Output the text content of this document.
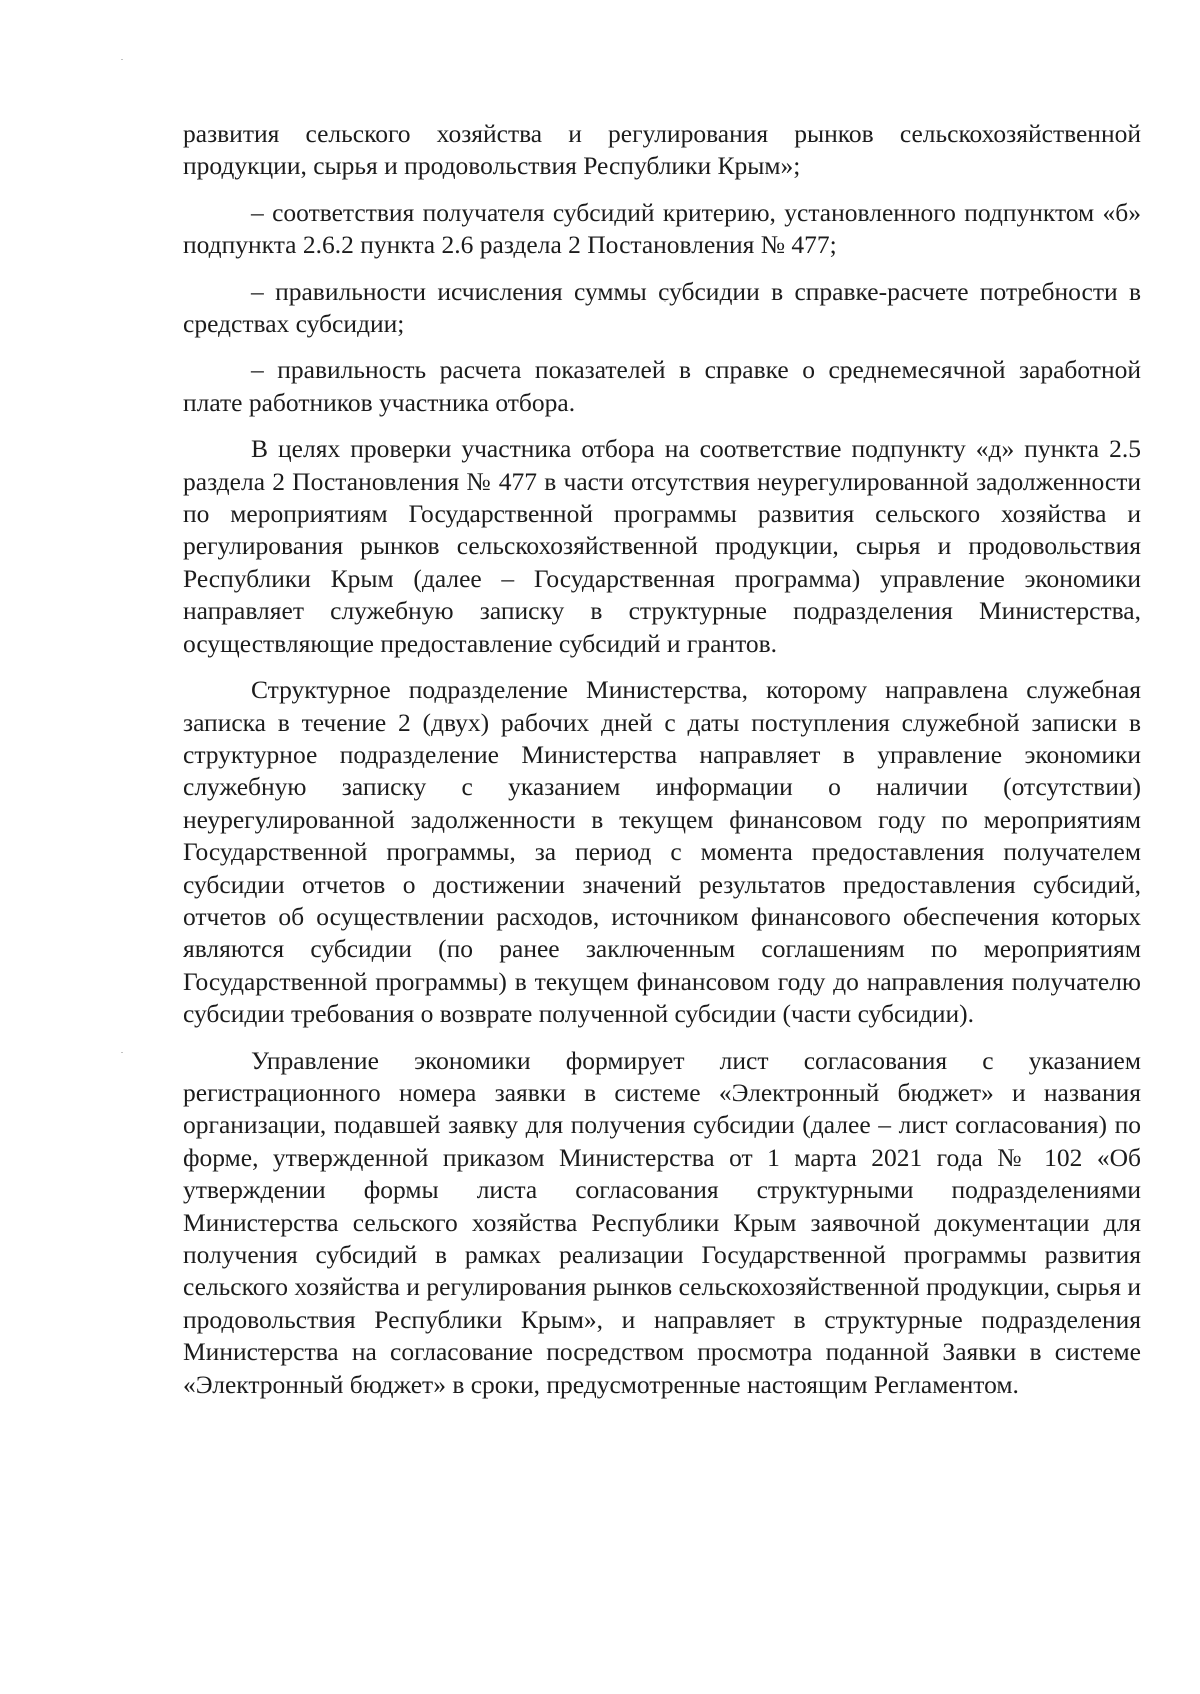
развития сельского хозяйства и регулирования рынков сельскохозяйственной продукции, сырья и продовольствия Республики Крым»;

– соответствия получателя субсидий критерию, установленного подпунктом «б» подпункта 2.6.2 пункта 2.6 раздела 2 Постановления № 477;

– правильности исчисления суммы субсидии в справке-расчете потребности в средствах субсидии;

– правильность расчета показателей в справке о среднемесячной заработной плате работников участника отбора.

В целях проверки участника отбора на соответствие подпункту «д» пункта 2.5 раздела 2 Постановления № 477 в части отсутствия неурегулированной задолженности по мероприятиям Государственной программы развития сельского хозяйства и регулирования рынков сельскохозяйственной продукции, сырья и продовольствия Республики Крым (далее – Государственная программа) управление экономики направляет служебную записку в структурные подразделения Министерства, осуществляющие предоставление субсидий и грантов.

Структурное подразделение Министерства, которому направлена служебная записка в течение 2 (двух) рабочих дней с даты поступления служебной записки в структурное подразделение Министерства направляет в управление экономики служебную записку с указанием информации о наличии (отсутствии) неурегулированной задолженности в текущем финансовом году по мероприятиям Государственной программы, за период с момента предоставления получателем субсидии отчетов о достижении значений результатов предоставления субсидий, отчетов об осуществлении расходов, источником финансового обеспечения которых являются субсидии (по ранее заключенным соглашениям по мероприятиям Государственной программы) в текущем финансовом году до направления получателю субсидии требования о возврате полученной субсидии (части субсидии).

Управление экономики формирует лист согласования с указанием регистрационного номера заявки в системе «Электронный бюджет» и названия организации, подавшей заявку для получения субсидии (далее – лист согласования) по форме, утвержденной приказом Министерства от 1 марта 2021 года № 102 «Об утверждении формы листа согласования структурными подразделениями Министерства сельского хозяйства Республики Крым заявочной документации для получения субсидий в рамках реализации Государственной программы развития сельского хозяйства и регулирования рынков сельскохозяйственной продукции, сырья и продовольствия Республики Крым», и направляет в структурные подразделения Министерства на согласование посредством просмотра поданной Заявки в системе «Электронный бюджет» в сроки, предусмотренные настоящим Регламентом.
